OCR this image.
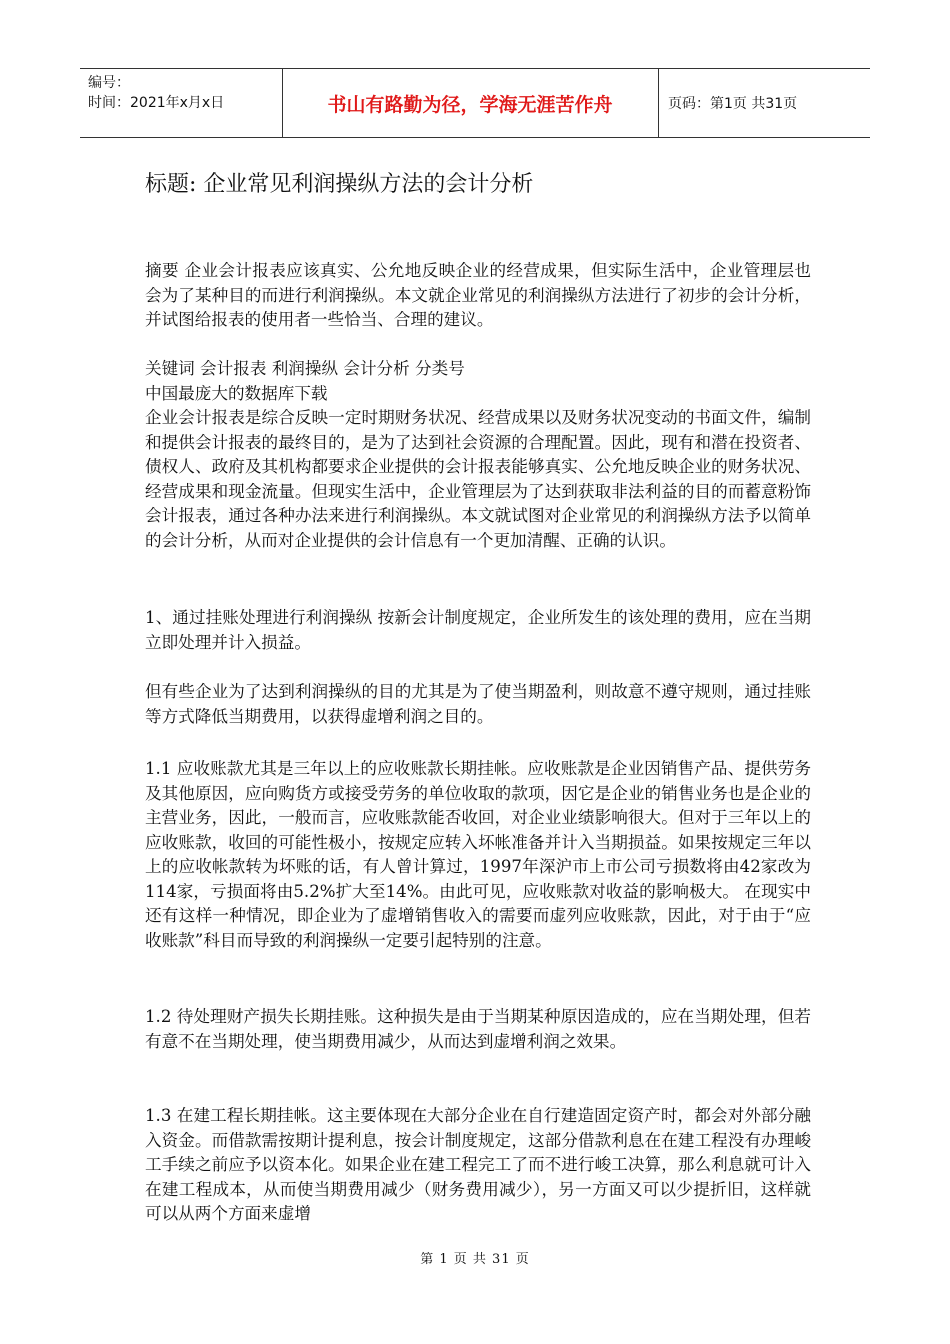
编号：
时间：2021年x月x日	书山有路勤为径，学海无涯苦作舟	页码：第1页 共31页
标题: 企业常见利润操纵方法的会计分析

摘要 企业会计报表应该真实、公允地反映企业的经营成果，但实际生活中，企业管理层也会为了某种目的而进行利润操纵。本文就企业常见的利润操纵方法进行了初步的会计分析，并试图给报表的使用者一些恰当、合理的建议。

关键词 会计报表 利润操纵 会计分析 分类号

中国最庞大的数据库下载

企业会计报表是综合反映一定时期财务状况、经营成果以及财务状况变动的书面文件，编制和提供会计报表的最终目的，是为了达到社会资源的合理配置。因此，现有和潜在投资者、债权人、政府及其机构都要求企业提供的会计报表能够真实、公允地反映企业的财务状况、经营成果和现金流量。但现实生活中，企业管理层为了达到获取非法利益的目的而蓄意粉饰会计报表，通过各种办法来进行利润操纵。本文就试图对企业常见的利润操纵方法予以简单的会计分析，从而对企业提供的会计信息有一个更加清醒、正确的认识。

1、通过挂账处理进行利润操纵 按新会计制度规定，企业所发生的该处理的费用，应在当期立即处理并计入损益。

但有些企业为了达到利润操纵的目的尤其是为了使当期盈利，则故意不遵守规则，通过挂账等方式降低当期费用，以获得虚增利润之目的。

1.1 应收账款尤其是三年以上的应收账款长期挂帐。应收账款是企业因销售产品、提供劳务及其他原因，应向购货方或接受劳务的单位收取的款项，因它是企业的销售业务也是企业的主营业务，因此，一般而言，应收账款能否收回，对企业业绩影响很大。但对于三年以上的应收账款，收回的可能性极小，按规定应转入坏帐准备并计入当期损益。如果按规定三年以上的应收帐款转为坏账的话，有人曾计算过，1997年深沪市上市公司亏损数将由42家改为114家，亏损面将由5.2%扩大至14%。由此可见，应收账款对收益的影响极大。 在现实中还有这样一种情况，即企业为了虚增销售收入的需要而虚列应收账款，因此，对于由于“应收账款”科目而导致的利润操纵一定要引起特别的注意。

1.2 待处理财产损失长期挂账。这种损失是由于当期某种原因造成的，应在当期处理，但若有意不在当期处理，使当期费用减少，从而达到虚增利润之效果。

1.3 在建工程长期挂帐。这主要体现在大部分企业在自行建造固定资产时，都会对外部分融入资金。而借款需按期计提利息，按会计制度规定，这部分借款利息在在建工程没有办理峻工手续之前应予以资本化。如果企业在建工程完工了而不进行峻工决算，那么利息就可计入在建工程成本，从而使当期费用减少（财务费用减少），另一方面又可以少提折旧，这样就可以从两个方面来虚增

第 1 页 共 31 页
